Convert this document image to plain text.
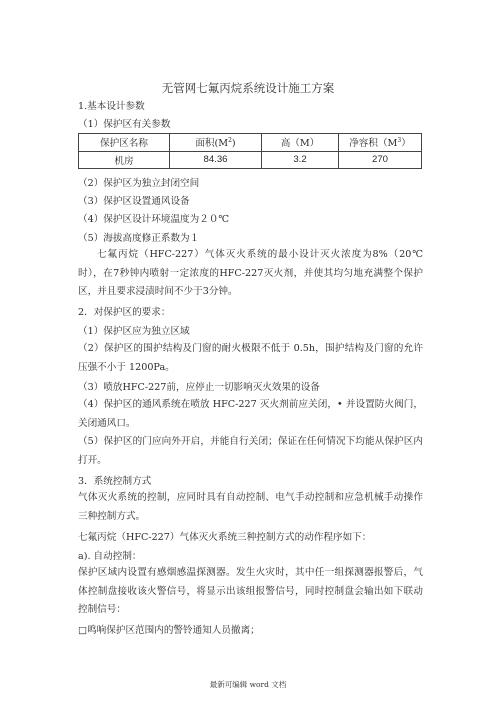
无管网七氟丙烷系统设计施工方案
1.基本设计参数
（1）保护区有关参数
保护区名称	面积$(M^2)$	高（M）	净容积$(M^3)$
机房	84.36	3.2	270
（2）保护区为独立封闭空间
（3）保护区设置通风设备
（4）保护区设计环境温度为２０℃
（5）海拔高度修正系数为１
七氟丙烷（HFC-227）气体灭火系统的最小设计灭火浓度为8%（20℃时），在7秒钟内喷射一定浓度的HFC-227灭火剂，并使其均匀地充满整个保护区，并且要求浸渍时间不少于3分钟。
2．对保护区的要求：
（1）保护区应为独立区域
（2）保护区的围护结构及门窗的耐火极限不低于 0.5h，围护结构及门窗的允许压强不小于 1200Pa。
（3）喷放HFC-227前，应停止一切影响灭火效果的设备
（4）保护区的通风系统在喷放 HFC-227 灭火剂前应关闭，• 并设置防火阀门，关闭通风口。
（5）保护区的门应向外开启，并能自行关闭；保证在任何情况下均能从保护区内打开。
3．系统控制方式
气体灭火系统的控制，应同时具有自动控制、电气手动控制和应急机械手动操作三种控制方式。
七氟丙烷（HFC-227）气体灭火系统三种控制方式的动作程序如下：
a). 自动控制：
保护区域内设置有感烟感温探测器。发生火灾时，其中任一组探测器报警后，气体控制盘接收该火警信号，将显示出该组报警信号，同时控制盘会输出如下联动控制信号：
□鸣响保护区范围内的警铃通知人员撤离；
最新可编辑 word 文档
